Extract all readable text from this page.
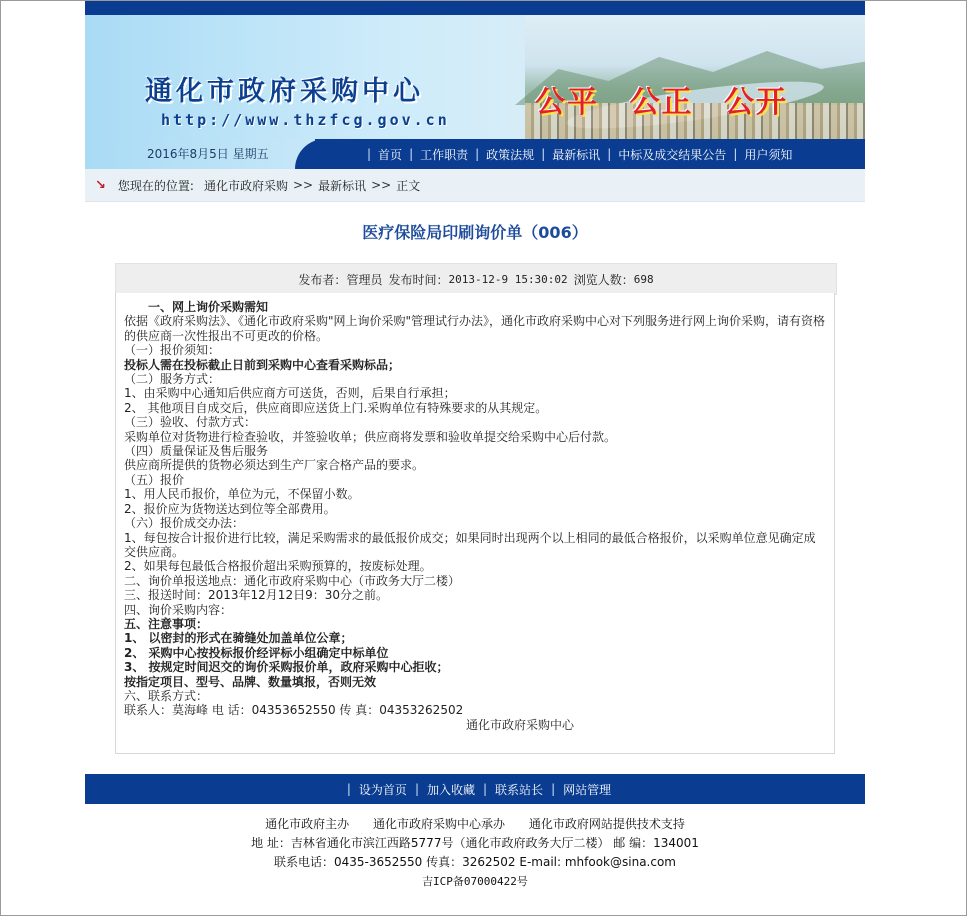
通化市政府采购中心
http://www.thzfcg.gov.cn	公平 公正 公开
2016年8月5日 星期五	| 首页 | 工作职责 | 政策法规 | 最新标讯 | 中标及成交结果公告 | 用户须知
↘ 您现在的位置: 通化市政府采购 >> 最新标讯 >> 正文
医疗保险局印刷询价单（006）
发布者： 管理员 发布时间： 2013-12-9 15:30:02 浏览人数： 698

一、网上询价采购需知

依据《政府采购法》、《通化市政府采购"网上询价采购"管理试行办法》，通化市政府采购中心对下列服务进行网上询价采购，请有资格的供应商一次性报出不可更改的价格。

（一）报价须知：

投标人需在投标截止日前到采购中心查看采购标品；

（二）服务方式：

1、由采购中心通知后供应商方可送货，否则，后果自行承担；

2、 其他项目自成交后，供应商即应送货上门.采购单位有特殊要求的从其规定。

（三）验收、付款方式：

采购单位对货物进行检查验收，并签验收单；供应商将发票和验收单提交给采购中心后付款。

（四）质量保证及售后服务

供应商所提供的货物必须达到生产厂家合格产品的要求。

（五）报价

1、用人民币报价，单位为元，不保留小数。

2、报价应为货物送达到位等全部费用。

（六）报价成交办法：

1、每包按合计报价进行比较，满足采购需求的最低报价成交；如果同时出现两个以上相同的最低合格报价，以采购单位意见确定成交供应商。

2、如果每包最低合格报价超出采购预算的，按废标处理。

二、询价单报送地点：通化市政府采购中心（市政务大厅二楼）

三、报送时间：2013年12月12日9：30分之前。

四、询价采购内容：

五、注意事项：

1、 以密封的形式在骑缝处加盖单位公章；

2、 采购中心按投标报价经评标小组确定中标单位

3、 按规定时间迟交的询价采购报价单，政府采购中心拒收；

按指定项目、型号、品牌、数量填报，否则无效

六、联系方式：

联系人：莫海峰 电 话：04353652550 传 真：04353262502

通化市政府采购中心

| 设为首页 | 加入收藏 | 联系站长 | 网站管理
通化市政府主办 通化市政府采购中心承办 通化市政府网站提供技术支持
地 址：吉林省通化市滨江西路5777号（通化市政府政务大厅二楼） 邮 编：134001
联系电话：0435-3652550 传真：3262502 E-mail: mhfook@sina.com
吉ICP备07000422号
